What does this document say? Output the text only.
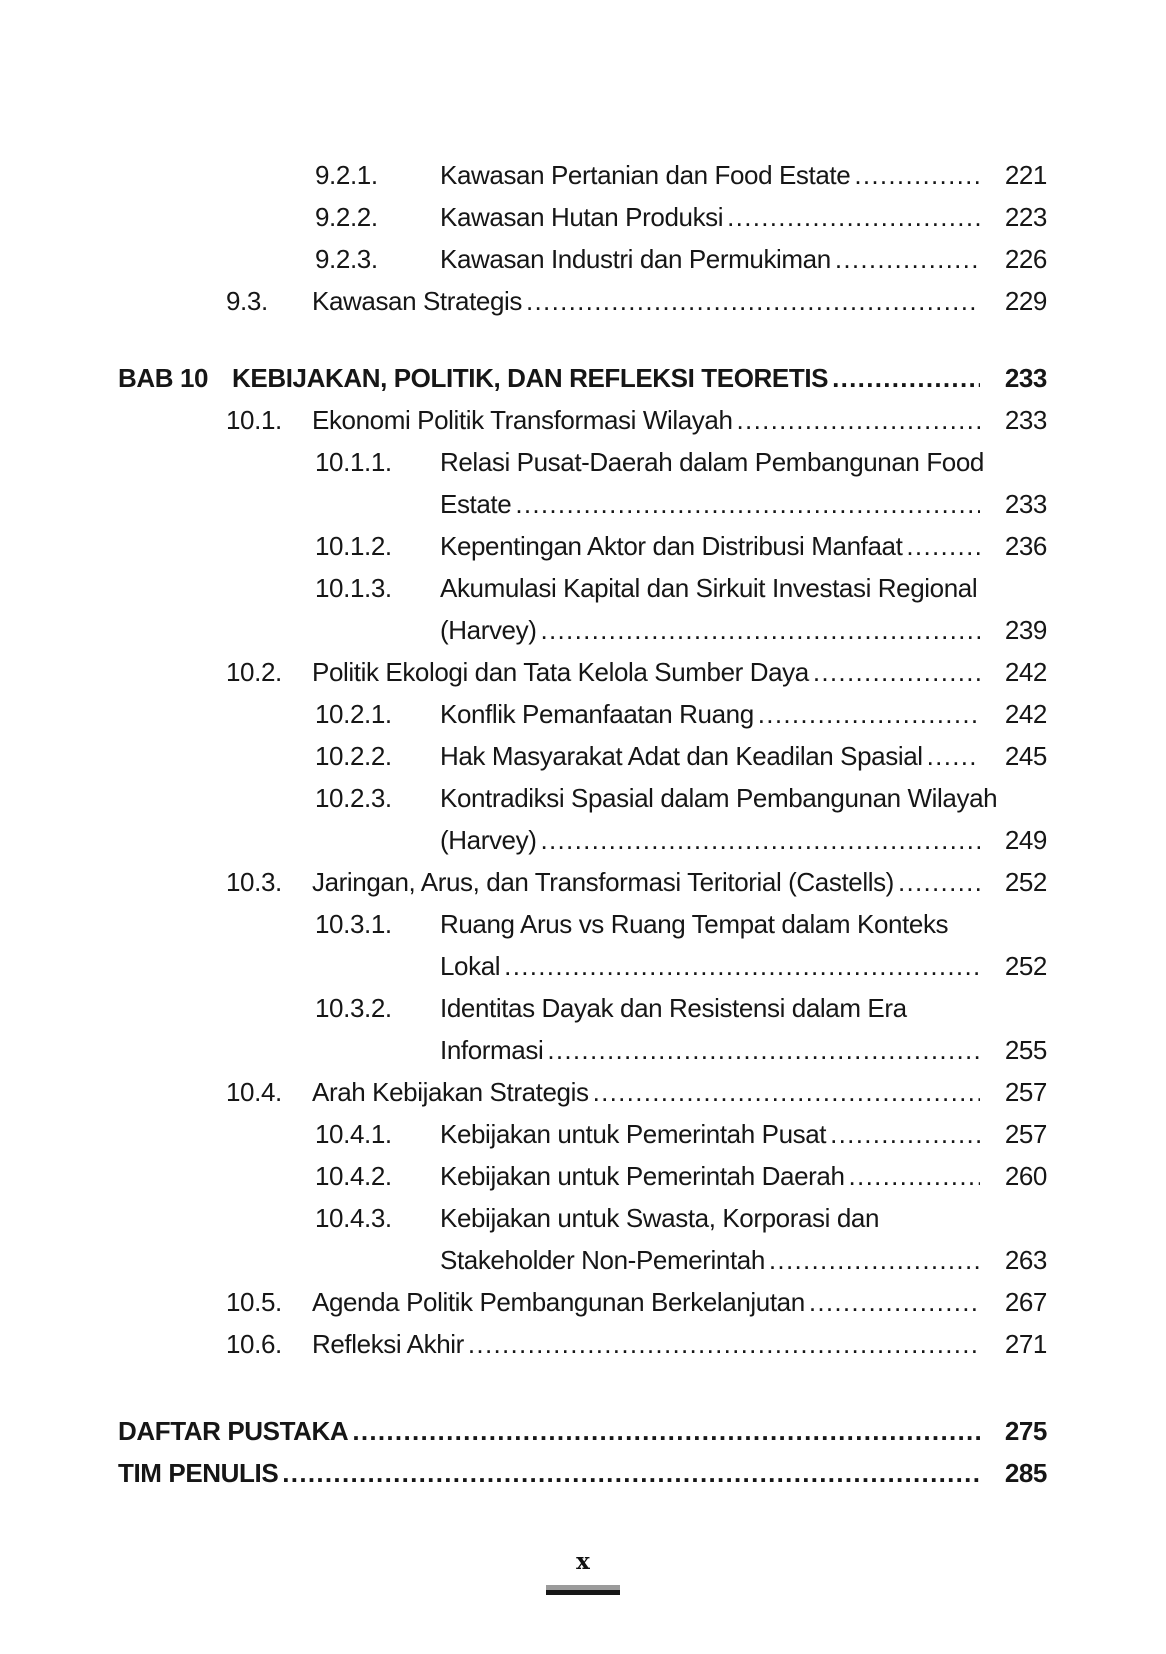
9.2.1.	Kawasan Pertanian dan Food Estate .....	221
9.2.2.	Kawasan Hutan Produksi .....	223
9.2.3.	Kawasan Industri dan Permukiman .....	226
9.3.	Kawasan Strategis .....	229
BAB 10 KEBIJAKAN, POLITIK, DAN REFLEKSI TEORETIS .....	233
10.1.	Ekonomi Politik Transformasi Wilayah .....	233
10.1.1.	Relasi Pusat-Daerah dalam Pembangunan Food
Estate .....	233
10.1.2.	Kepentingan Aktor dan Distribusi Manfaat .....	236
10.1.3.	Akumulasi Kapital dan Sirkuit Investasi Regional
(Harvey) .....	239
10.2.	Politik Ekologi dan Tata Kelola Sumber Daya .....	242
10.2.1.	Konflik Pemanfaatan Ruang .....	242
10.2.2.	Hak Masyarakat Adat dan Keadilan Spasial .....	245
10.2.3.	Kontradiksi Spasial dalam Pembangunan Wilayah
(Harvey) .....	249
10.3.	Jaringan, Arus, dan Transformasi Teritorial (Castells) .....	252
10.3.1.	Ruang Arus vs Ruang Tempat dalam Konteks
Lokal .....	252
10.3.2.	Identitas Dayak dan Resistensi dalam Era
Informasi .....	255
10.4.	Arah Kebijakan Strategis .....	257
10.4.1.	Kebijakan untuk Pemerintah Pusat .....	257
10.4.2.	Kebijakan untuk Pemerintah Daerah .....	260
10.4.3.	Kebijakan untuk Swasta, Korporasi dan
Stakeholder Non-Pemerintah .....	263
10.5.	Agenda Politik Pembangunan Berkelanjutan .....	267
10.6.	Refleksi Akhir .....	271
DAFTAR PUSTAKA .....	275
TIM PENULIS .....	285
x
